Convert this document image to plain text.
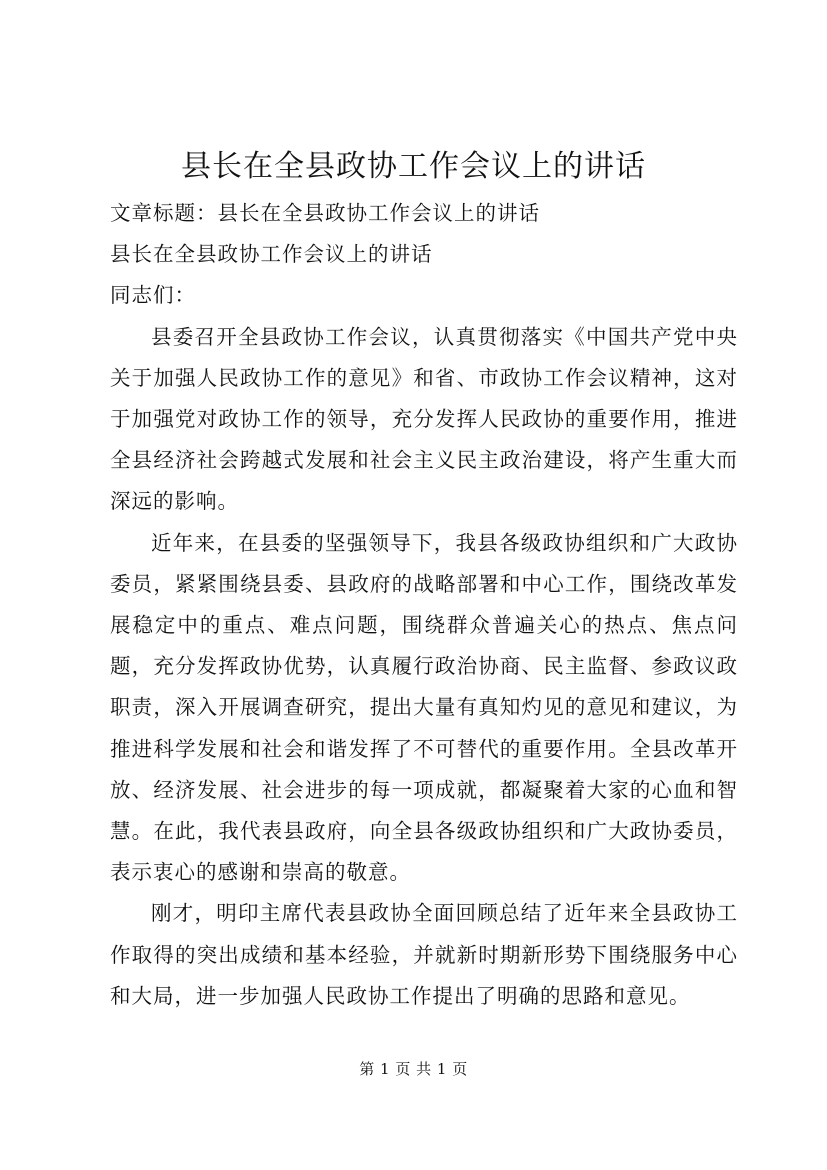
县长在全县政协工作会议上的讲话

文章标题：县长在全县政协工作会议上的讲话

县长在全县政协工作会议上的讲话

同志们：

县委召开全县政协工作会议，认真贯彻落实《中国共产党中央关于加强人民政协工作的意见》和省、市政协工作会议精神，这对于加强党对政协工作的领导，充分发挥人民政协的重要作用，推进全县经济社会跨越式发展和社会主义民主政治建设，将产生重大而深远的影响。

近年来，在县委的坚强领导下，我县各级政协组织和广大政协委员，紧紧围绕县委、县政府的战略部署和中心工作，围绕改革发展稳定中的重点、难点问题，围绕群众普遍关心的热点、焦点问题，充分发挥政协优势，认真履行政治协商、民主监督、参政议政职责，深入开展调查研究，提出大量有真知灼见的意见和建议，为推进科学发展和社会和谐发挥了不可替代的重要作用。全县改革开放、经济发展、社会进步的每一项成就，都凝聚着大家的心血和智慧。在此，我代表县政府，向全县各级政协组织和广大政协委员，表示衷心的感谢和崇高的敬意。

刚才，明印主席代表县政协全面回顾总结了近年来全县政协工作取得的突出成绩和基本经验，并就新时期新形势下围绕服务中心和大局，进一步加强人民政协工作提出了明确的思路和意见。

第 1 页 共 1 页
